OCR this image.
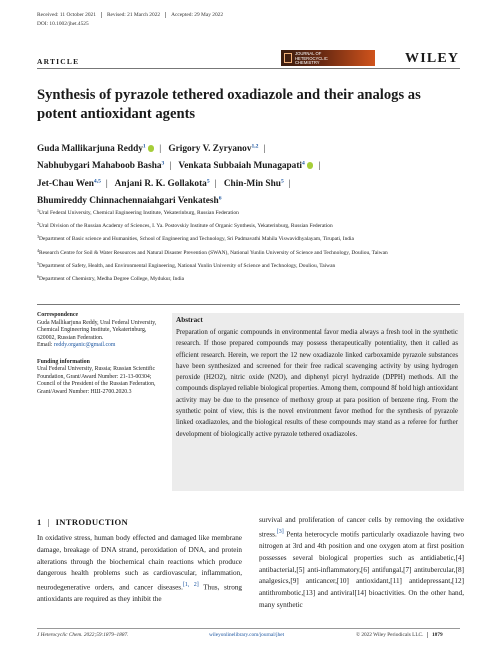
Received: 11 October 2021 Revised: 21 March 2022 Accepted: 29 May 2022
DOI: 10.1002/jhet.4525
JOURNAL OF
HETEROCYCLIC
CHEMISTRY	WILEY
ARTICLE
Synthesis of pyrazole tethered oxadiazole and their analogs as potent antioxidant agents
Guda Mallikarjuna Reddy$^1$ | Grigory V. Zyryanov$^{1,2}$ |
Nabhubygari Mahaboob Basha$^3$ | Venkata Subbaiah Munagapati$^4$ |
Jet-Chau Wen$^{4,5}$ | Anjani R. K. Gollakota$^5$ | Chin-Min Shu$^5$ |
Bhumireddy Chinnachennaiahgari Venkatesh$^6$
$^1$Ural Federal University, Chemical Engineering Institute, Yekaterinburg, Russian Federation
$^2$Ural Division of the Russian Academy of Sciences, I. Ya. Postovskiy Institute of Organic Synthesis, Yekaterinburg, Russian Federation
$^3$Department of Basic science and Humanities, School of Engineering and Technology, Sri Padmavathi Mahila Viswavidhyalayam, Tirupati, India
$^4$Research Centre for Soil & Water Resources and Natural Disaster Prevention (SWAN), National Yunlin University of Science and Technology, Douliou, Taiwan
$^5$Department of Safety, Health, and Environmental Engineering, National Yunlin University of Science and Technology, Douliou, Taiwan
$^6$Department of Chemistry, Medha Degree College, Mydukur, India
Correspondence
Guda Mallikarjuna Reddy, Ural Federal University, Chemical Engineering Institute, Yekaterinburg, 620002, Russian Federation.
Email: reddy.organic@gmail.com
Funding information
Ural Federal University, Russia; Russian Scientific Foundation, Grant/Award Number: 21-13-00304; Council of the President of the Russian Federation, Grant/Award Number: НШ-2700.2020.3
Abstract
Preparation of organic compounds in environmental favor media always a fresh tool in the synthetic research. If those prepared compounds may possess therapeutically potentiality, then it called as efficient research. Herein, we report the 12 new oxadiazole linked carboxamide pyrazole substances have been synthesized and screened for their free radical scavenging activity by using hydrogen peroxide (H2O2), nitric oxide (N2O), and diphenyl picryl hydrazide (DPPH) methods. All the compounds displayed reliable biological properties. Among them, compound 8f hold high antioxidant activity may be due to the presence of methoxy group at para position of benzene ring. From the synthetic point of view, this is the novel environment favor method for the synthesis of pyrazole linked oxadiazoles, and the biological results of these compounds may stand as a referee for further development of biologically active pyrazole tethered oxadiazoles.
1 | INTRODUCTION
In oxidative stress, human body effected and damaged like membrane damage, breakage of DNA strand, peroxidation of DNA, and protein alterations through the biochemical chain reactions which produce dangerous health problems such as cardiovascular, inflammation, neurodegenerative orders, and cancer diseases.[1, 2] Thus, strong antioxidants are required as they inhibit the
survival and proliferation of cancer cells by removing the oxidative stress.[3] Penta heterocycle motifs particularly oxadiazole having two nitrogen at 3rd and 4th position and one oxygen atom at first position possesses several biological properties such as antidiabetic,[4] antibacterial,[5] anti-inflammatory,[6] antifungal,[7] antitubercular,[8] analgesics,[9] anticancer,[10] antioxidant,[11] antidepressant,[12] antithrombotic,[13] and antiviral[14] bioactivities. On the other hand, many synthetic
J Heterocyclic Chem. 2022;59:1879–1887.	wileyonlinelibrary.com/journal/jhet	© 2022 Wiley Periodicals LLC. 1879
